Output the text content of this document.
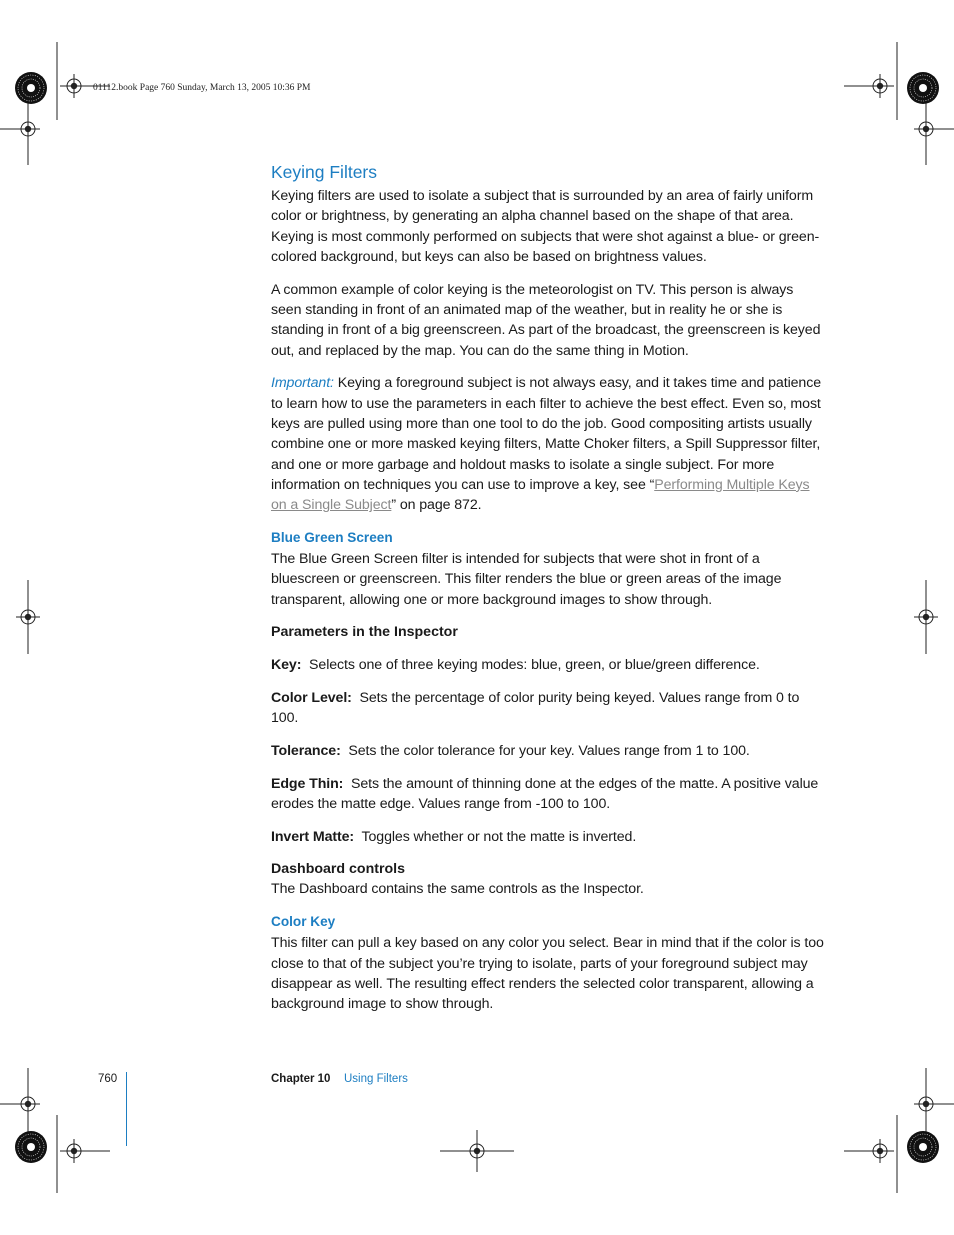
01112.book Page 760 Sunday, March 13, 2005 10:36 PM
Keying Filters

Keying filters are used to isolate a subject that is surrounded by an area of fairly uniform color or brightness, by generating an alpha channel based on the shape of that area. Keying is most commonly performed on subjects that were shot against a blue- or green-colored background, but keys can also be based on brightness values.

A common example of color keying is the meteorologist on TV. This person is always seen standing in front of an animated map of the weather, but in reality he or she is standing in front of a big greenscreen. As part of the broadcast, the greenscreen is keyed out, and replaced by the map. You can do the same thing in Motion.

Important: Keying a foreground subject is not always easy, and it takes time and patience to learn how to use the parameters in each filter to achieve the best effect. Even so, most keys are pulled using more than one tool to do the job. Good compositing artists usually combine one or more masked keying filters, Matte Choker filters, a Spill Suppressor filter, and one or more garbage and holdout masks to isolate a single subject. For more information on techniques you can use to improve a key, see “Performing Multiple Keys on a Single Subject” on page 872.

Blue Green Screen

The Blue Green Screen filter is intended for subjects that were shot in front of a bluescreen or greenscreen. This filter renders the blue or green areas of the image transparent, allowing one or more background images to show through.

Parameters in the Inspector

Key: Selects one of three keying modes: blue, green, or blue/green difference.

Color Level: Sets the percentage of color purity being keyed. Values range from 0 to 100.

Tolerance: Sets the color tolerance for your key. Values range from 1 to 100.

Edge Thin: Sets the amount of thinning done at the edges of the matte. A positive value erodes the matte edge. Values range from -100 to 100.

Invert Matte: Toggles whether or not the matte is inverted.

Dashboard controls

The Dashboard contains the same controls as the Inspector.

Color Key

This filter can pull a key based on any color you select. Bear in mind that if the color is too close to that of the subject you’re trying to isolate, parts of your foreground subject may disappear as well. The resulting effect renders the selected color transparent, allowing a background image to show through.

760	Chapter 10 Using Filters
